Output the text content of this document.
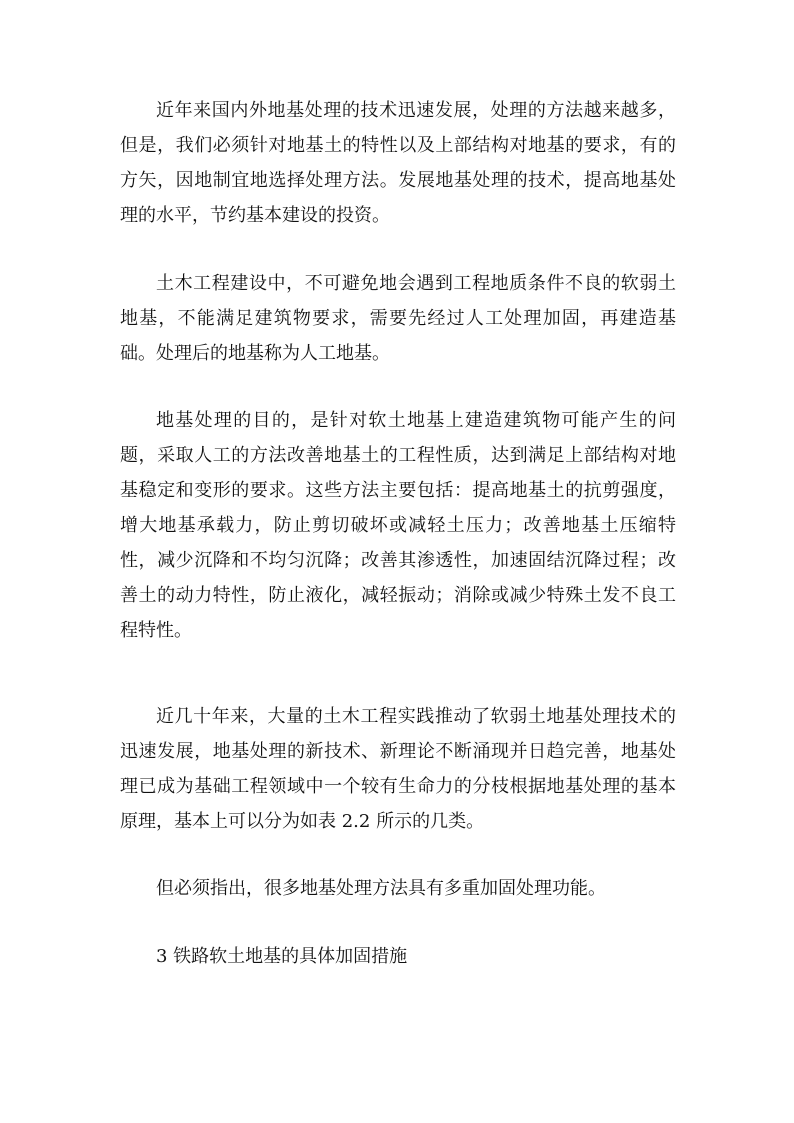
近年来国内外地基处理的技术迅速发展，处理的方法越来越多，但是，我们必须针对地基土的特性以及上部结构对地基的要求，有的方矢，因地制宜地选择处理方法。发展地基处理的技术，提高地基处理的水平，节约基本建设的投资。

土木工程建设中，不可避免地会遇到工程地质条件不良的软弱土地基，不能满足建筑物要求，需要先经过人工处理加固，再建造基础。处理后的地基称为人工地基。

地基处理的目的，是针对软土地基上建造建筑物可能产生的问题，采取人工的方法改善地基土的工程性质，达到满足上部结构对地基稳定和变形的要求。这些方法主要包括：提高地基土的抗剪强度，增大地基承载力，防止剪切破坏或减轻土压力；改善地基土压缩特性，减少沉降和不均匀沉降；改善其渗透性，加速固结沉降过程；改善土的动力特性，防止液化，减轻振动；消除或减少特殊土发不良工程特性。

近几十年来，大量的土木工程实践推动了软弱土地基处理技术的迅速发展，地基处理的新技术、新理论不断涌现并日趋完善，地基处理已成为基础工程领域中一个较有生命力的分枝根据地基处理的基本原理，基本上可以分为如表 2.2 所示的几类。

但必须指出，很多地基处理方法具有多重加固处理功能。

3 铁路软土地基的具体加固措施
